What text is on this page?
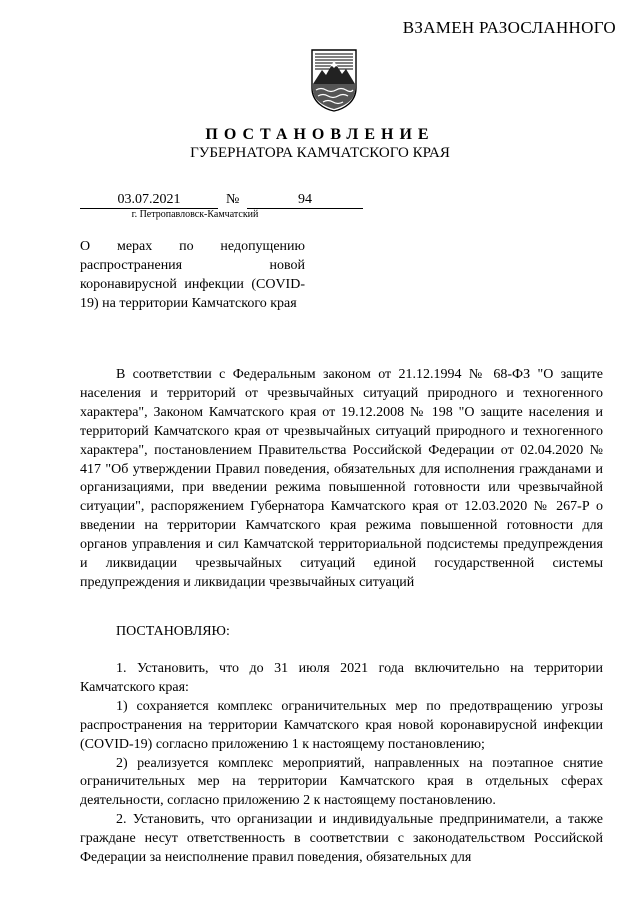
ВЗАМЕН РАЗОСЛАННОГО
ПОСТАНОВЛЕНИЕ
ГУБЕРНАТОРА КАМЧАТСКОГО КРАЯ
03.07.2021	№	94
г. Петропавловск-Камчатский
О мерах по недопущению распространения новой коронавирусной инфекции (COVID-19) на территории Камчатского края

В соответствии с Федеральным законом от 21.12.1994 № 68-ФЗ "О защите населения и территорий от чрезвычайных ситуаций природного и техногенного характера", Законом Камчатского края от 19.12.2008 № 198 "О защите населения и территорий Камчатского края от чрезвычайных ситуаций природного и техногенного характера", постановлением Правительства Российской Федерации от 02.04.2020 № 417 "Об утверждении Правил поведения, обязательных для исполнения гражданами и организациями, при введении режима повышенной готовности или чрезвычайной ситуации", распоряжением Губернатора Камчатского края от 12.03.2020 № 267-Р о введении на территории Камчатского края режима повышенной готовности для органов управления и сил Камчатской территориальной подсистемы предупреждения и ликвидации чрезвычайных ситуаций единой государственной системы предупреждения и ликвидации чрезвычайных ситуаций

ПОСТАНОВЛЯЮ:

1. Установить, что до 31 июля 2021 года включительно на территории Камчатского края:

1) сохраняется комплекс ограничительных мер по предотвращению угрозы распространения на территории Камчатского края новой коронавирусной инфекции (COVID-19) согласно приложению 1 к настоящему постановлению;

2) реализуется комплекс мероприятий, направленных на поэтапное снятие ограничительных мер на территории Камчатского края в отдельных сферах деятельности, согласно приложению 2 к настоящему постановлению.

2. Установить, что организации и индивидуальные предприниматели, а также граждане несут ответственность в соответствии с законодательством Российской Федерации за неисполнение правил поведения, обязательных для
